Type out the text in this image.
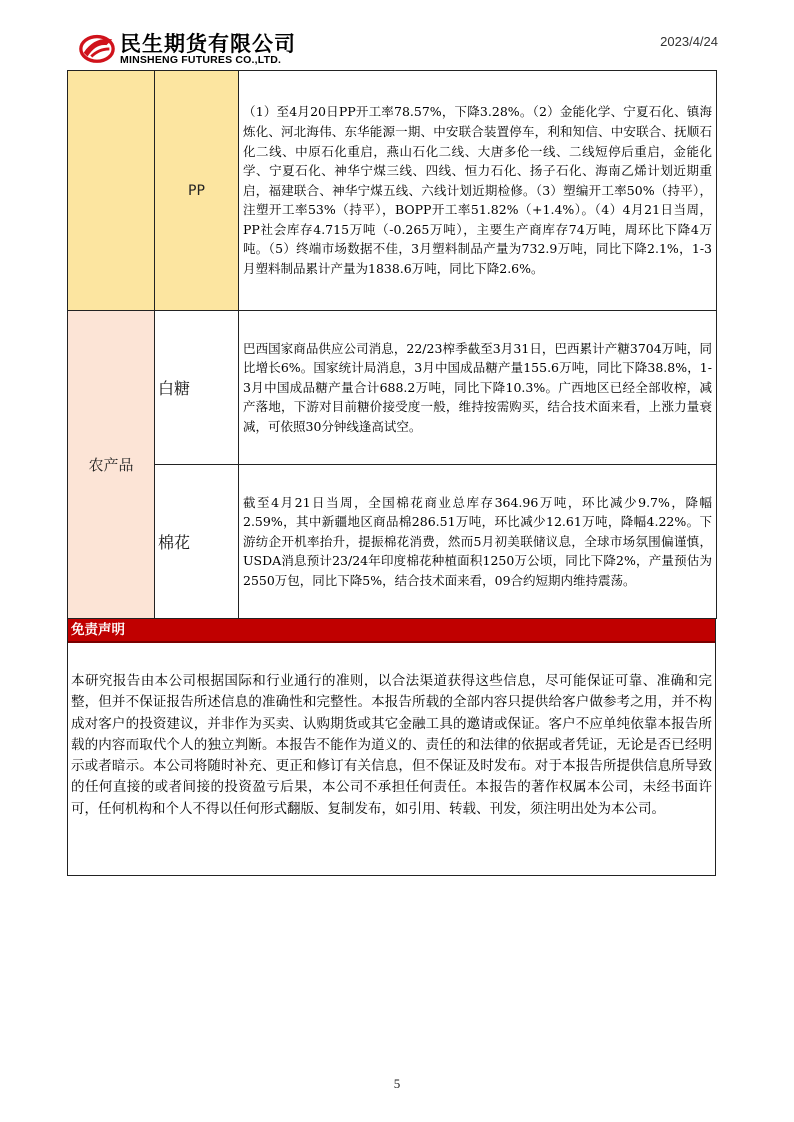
民生期货有限公司
MINSHENG FUTURES CO.,LTD.
2023/4/24
	PP	（1）至4月20日PP开工率78.57%，下降3.28%。（2）金能化学、宁夏石化、镇海炼化、河北海伟、东华能源一期、中安联合装置停车，利和知信、中安联合、抚顺石化二线、中原石化重启，燕山石化二线、大唐多伦一线、二线短停后重启，金能化学、宁夏石化、神华宁煤三线、四线、恒力石化、扬子石化、海南乙烯计划近期重启，福建联合、神华宁煤五线、六线计划近期检修。（3）塑编开工率50%（持平），注塑开工率53%（持平），BOPP开工率51.82%（+1.4%）。（4）4月21日当周，PP社会库存4.715万吨（-0.265万吨），主要生产商库存74万吨，周环比下降4万吨。（5）终端市场数据不佳，3月塑料制品产量为732.9万吨，同比下降2.1%，1-3月塑料制品累计产量为1838.6万吨，同比下降2.6%。
农产品	白糖	巴西国家商品供应公司消息，22/23榨季截至3月31日，巴西累计产糖3704万吨，同比增长6%。国家统计局消息，3月中国成品糖产量155.6万吨，同比下降38.8%，1-3月中国成品糖产量合计688.2万吨，同比下降10.3%。广西地区已经全部收榨，减产落地，下游对目前糖价接受度一般，维持按需购买，结合技术面来看，上涨力量衰减，可依照30分钟线逢高试空。
	棉花	截至4月21日当周，全国棉花商业总库存364.96万吨，环比减少9.7%，降幅2.59%，其中新疆地区商品棉286.51万吨，环比减少12.61万吨，降幅4.22%。下游纺企开机率抬升，提振棉花消费，然而5月初美联储议息，全球市场氛围偏谨慎，USDA消息预计23/24年印度棉花种植面积1250万公顷，同比下降2%，产量预估为2550万包，同比下降5%，结合技术面来看，09合约短期内维持震荡。
免责声明
本研究报告由本公司根据国际和行业通行的准则，以合法渠道获得这些信息，尽可能保证可靠、准确和完整，但并不保证报告所述信息的准确性和完整性。本报告所载的全部内容只提供给客户做参考之用，并不构成对客户的投资建议，并非作为买卖、认购期货或其它金融工具的邀请或保证。客户不应单纯依靠本报告所载的内容而取代个人的独立判断。本报告不能作为道义的、责任的和法律的依据或者凭证，无论是否已经明示或者暗示。本公司将随时补充、更正和修订有关信息，但不保证及时发布。对于本报告所提供信息所导致的任何直接的或者间接的投资盈亏后果，本公司不承担任何责任。本报告的著作权属本公司，未经书面许可，任何机构和个人不得以任何形式翻版、复制发布，如引用、转载、刊发，须注明出处为本公司。
5
